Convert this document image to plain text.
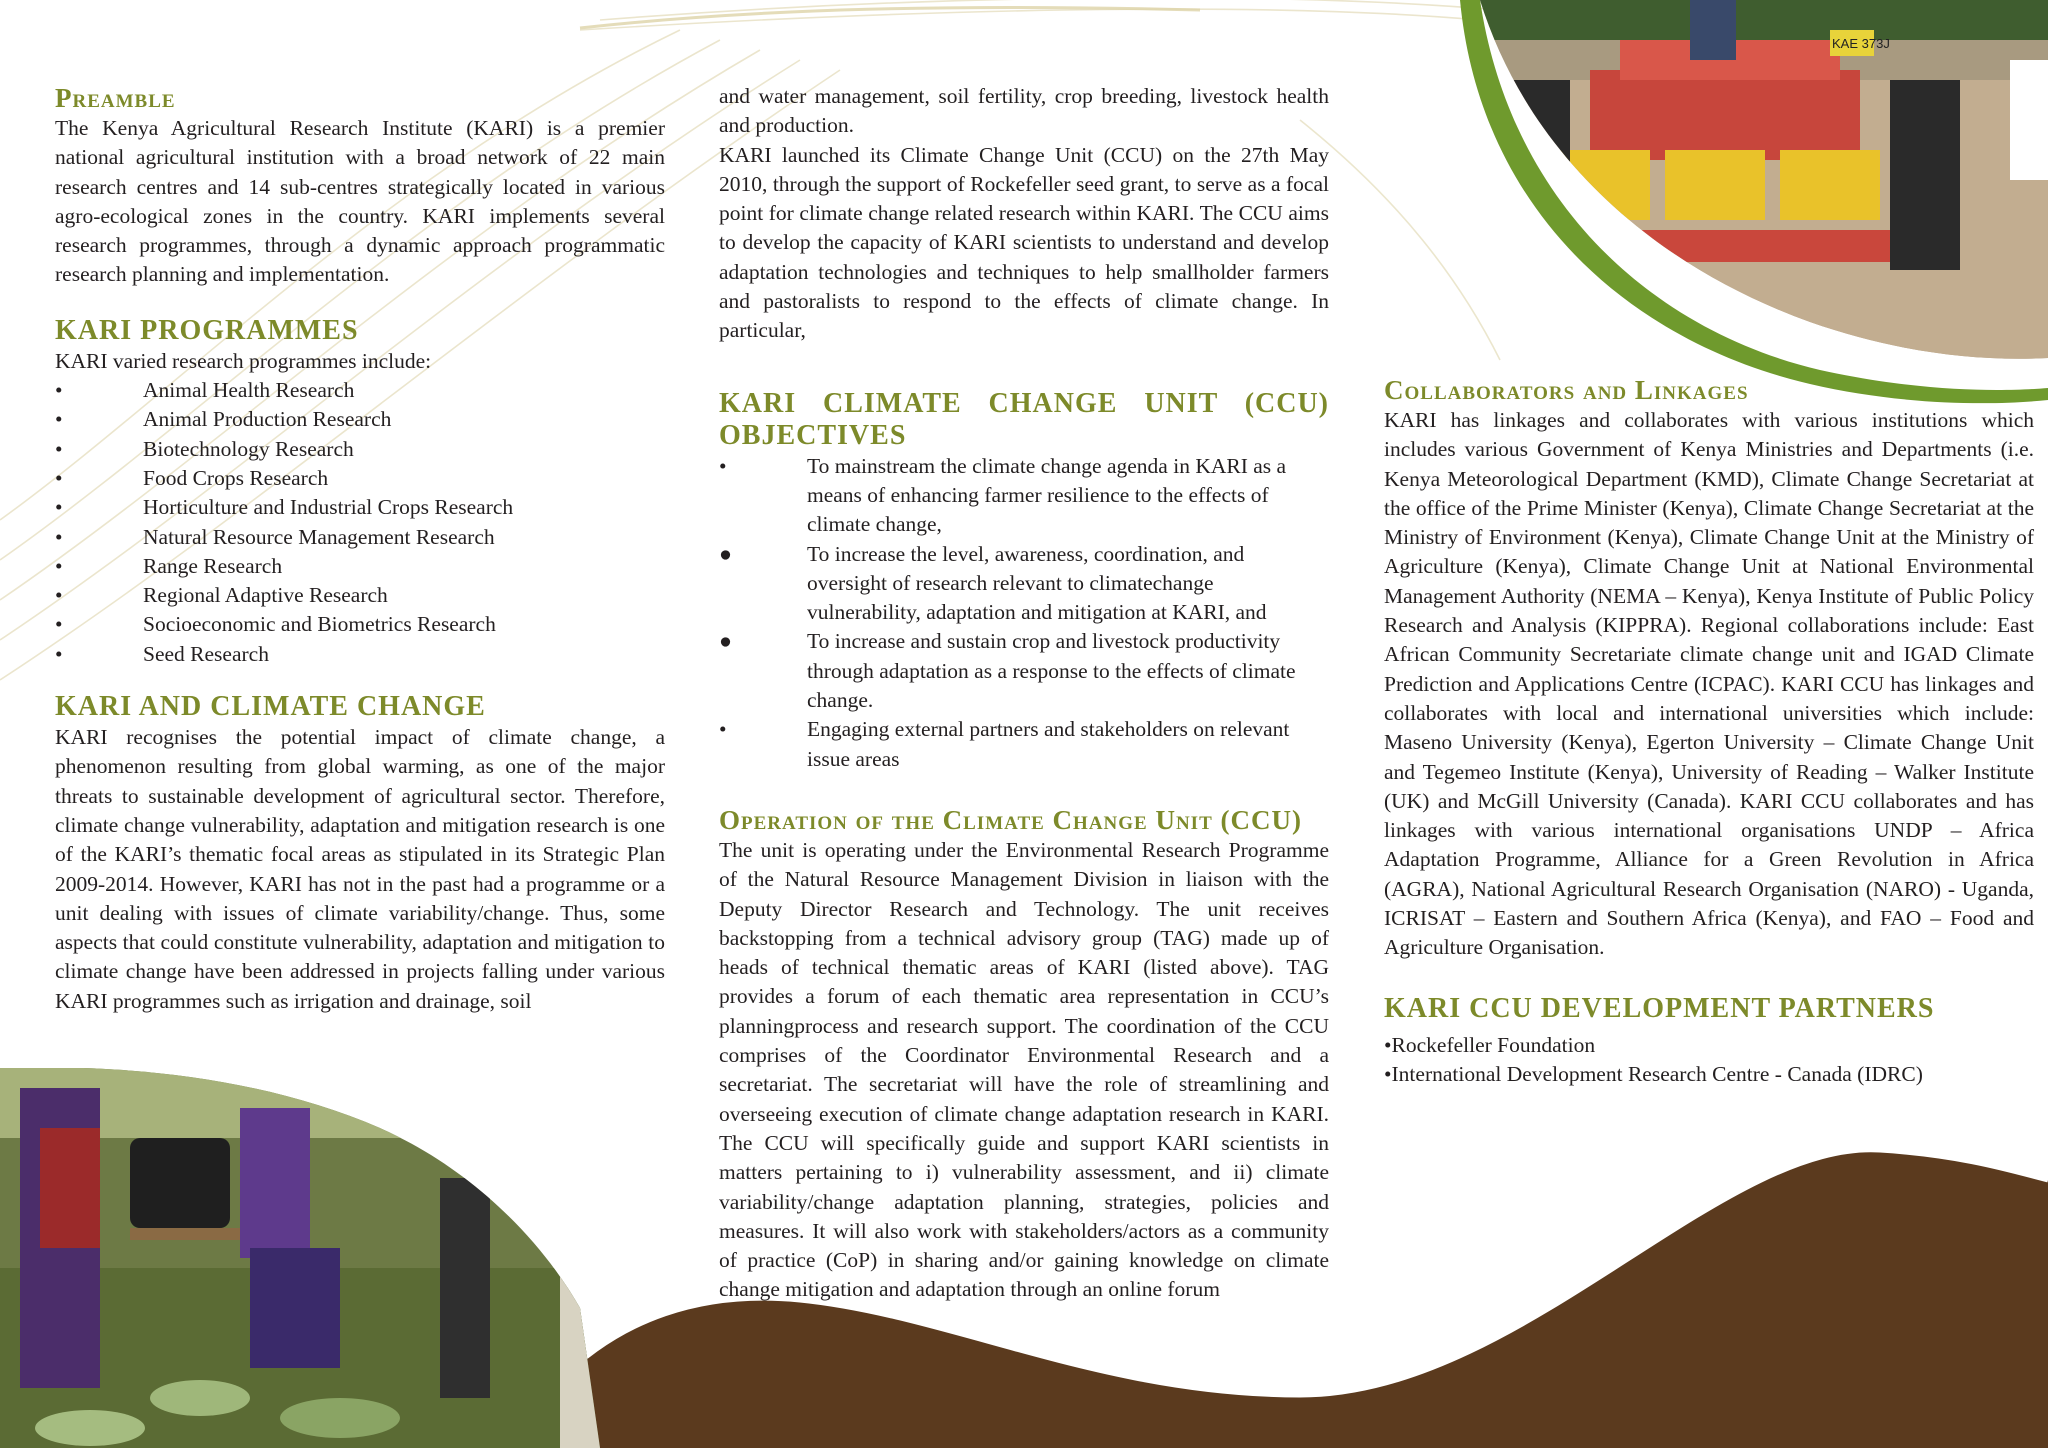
KAE 373J
Preamble

The Kenya Agricultural Research Institute (KARI) is a premier national agricultural institution with a broad network of 22 main research centres and 14 sub-centres strategically located in various agro-ecological zones in the country. KARI implements several research programmes, through a dynamic approach programmatic research planning and implementation.

KARI PROGRAMMES

KARI varied research programmes include:

•	Animal Health Research
•	Animal Production Research
•	Biotechnology Research
•	Food Crops Research
•	Horticulture and Industrial Crops Research
•	Natural Resource Management Research
•	Range Research
•	Regional Adaptive Research
•	Socioeconomic and Biometrics Research
•	Seed Research
KARI AND CLIMATE CHANGE

KARI recognises the potential impact of climate change, a phenomenon resulting from global warming, as one of the major threats to sustainable development of agricultural sector. Therefore, climate change vulnerability, adaptation and mitigation research is one of the KARI’s thematic focal areas as stipulated in its Strategic Plan 2009-2014. However, KARI has not in the past had a programme or a unit dealing with issues of climate variability/change. Thus, some aspects that could constitute vulnerability, adaptation and mitigation to climate change have been addressed in projects falling under various KARI programmes such as irrigation and drainage, soil

and water management, soil fertility, crop breeding, livestock health and production.

KARI launched its Climate Change Unit (CCU) on the 27th May 2010, through the support of Rockefeller seed grant, to serve as a focal point for climate change related research within KARI. The CCU aims to develop the capacity of KARI scientists to understand and develop adaptation technologies and techniques to help smallholder farmers and pastoralists to respond to the effects of climate change. In particular,

KARI CLIMATE CHANGE UNIT (CCU) OBJECTIVES
•	To mainstream the climate change agenda in KARI as a means of enhancing farmer resilience to the effects of climate change,
●	To increase the level, awareness, coordination, and oversight of research relevant to climatechange vulnerability, adaptation and mitigation at KARI, and
●	To increase and sustain crop and livestock productivity through adaptation as a response to the effects of climate change.
•	Engaging external partners and stakeholders on relevant issue areas
Operation of the Climate Change Unit (CCU)

The unit is operating under the Environmental Research Programme of the Natural Resource Management Division in liaison with the Deputy Director Research and Technology. The unit receives backstopping from a technical advisory group (TAG) made up of heads of technical thematic areas of KARI (listed above). TAG provides a forum of each thematic area representation in CCU’s planningprocess and research support. The coordination of the CCU comprises of the Coordinator Environmental Research and a secretariat. The secretariat will have the role of streamlining and overseeing execution of climate change adaptation research in KARI. The CCU will specifically guide and support KARI scientists in matters pertaining to i) vulnerability assessment, and ii) climate variability/change adaptation planning, strategies, policies and measures. It will also work with stakeholders/actors as a community of practice (CoP) in sharing and/or gaining knowledge on climate change mitigation and adaptation through an online forum

Collaborators and Linkages

KARI has linkages and collaborates with various institutions which includes various Government of Kenya Ministries and Departments (i.e. Kenya Meteorological Department (KMD), Climate Change Secretariat at the office of the Prime Minister (Kenya), Climate Change Secretariat at the Ministry of Environment (Kenya), Climate Change Unit at the Ministry of Agriculture (Kenya), Climate Change Unit at National Environmental Management Authority (NEMA – Kenya), Kenya Institute of Public Policy Research and Analysis (KIPPRA). Regional collaborations include: East African Community Secretariate climate change unit and IGAD Climate Prediction and Applications Centre (ICPAC). KARI CCU has linkages and collaborates with local and international universities which include: Maseno University (Kenya), Egerton University – Climate Change Unit and Tegemeo Institute (Kenya), University of Reading – Walker Institute (UK) and McGill University (Canada). KARI CCU collaborates and has linkages with various international organisations UNDP – Africa Adaptation Programme, Alliance for a Green Revolution in Africa (AGRA), National Agricultural Research Organisation (NARO) - Uganda, ICRISAT – Eastern and Southern Africa (Kenya), and FAO – Food and Agriculture Organisation.

KARI CCU DEVELOPMENT PARTNERS
•Rockefeller Foundation
•International Development Research Centre - Canada (IDRC)
